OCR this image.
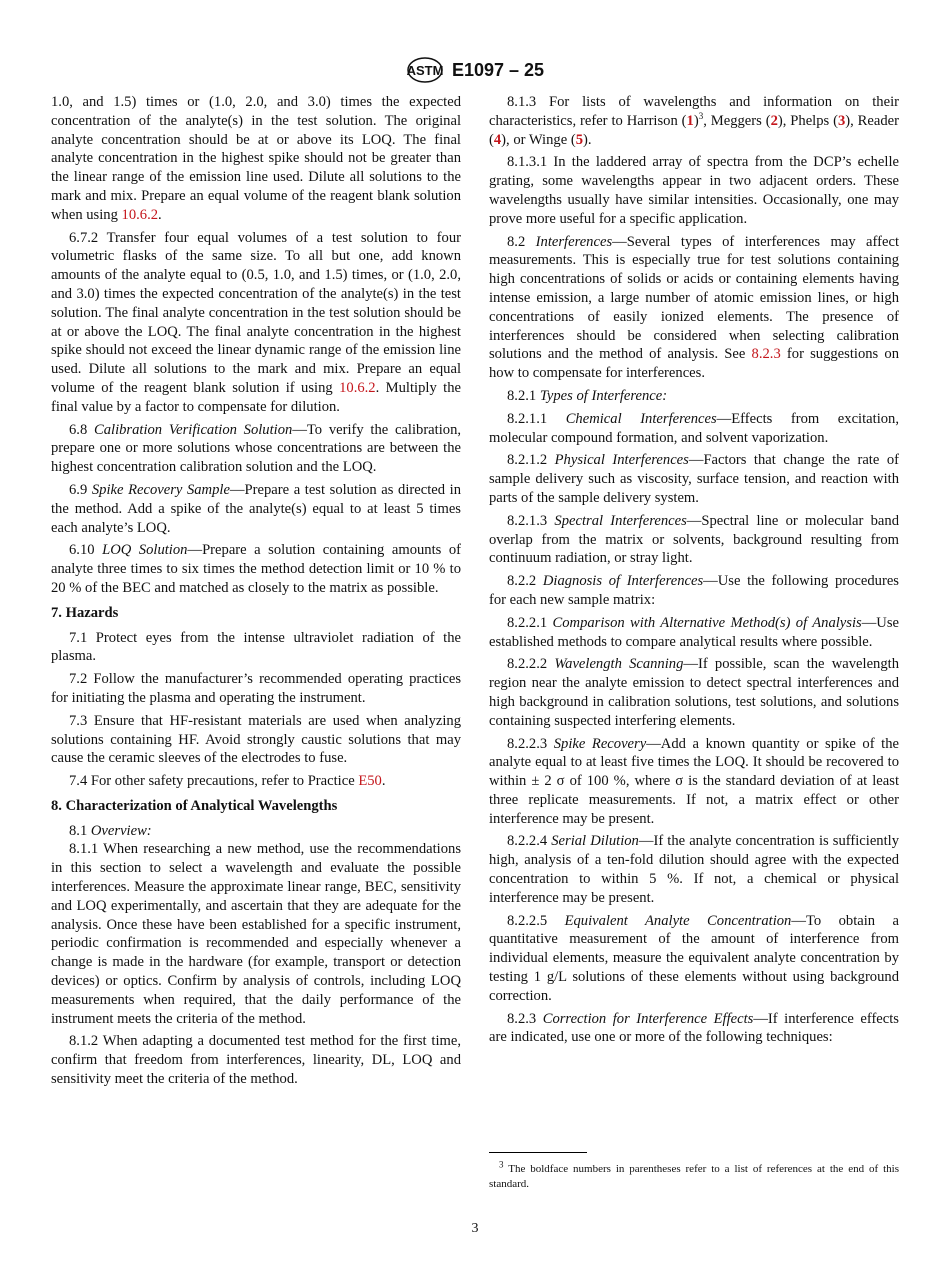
ASTM E1097 – 25

1.0, and 1.5) times or (1.0, 2.0, and 3.0) times the expected concentration of the analyte(s) in the test solution. The original analyte concentration should be at or above its LOQ. The final analyte concentration in the highest spike should not be greater than the linear range of the emission line used. Dilute all solutions to the mark and mix. Prepare an equal volume of the reagent blank solution when using 10.6.2.

6.7.2 Transfer four equal volumes of a test solution to four volumetric flasks of the same size. To all but one, add known amounts of the analyte equal to (0.5, 1.0, and 1.5) times, or (1.0, 2.0, and 3.0) times the expected concentration of the analyte(s) in the test solution. The final analyte concentration in the test solution should be at or above the LOQ. The final analyte concentration in the highest spike should not exceed the linear dynamic range of the emission line used. Dilute all solutions to the mark and mix. Prepare an equal volume of the reagent blank solution if using 10.6.2. Multiply the final value by a factor to compensate for dilution.

6.8 Calibration Verification Solution—To verify the calibration, prepare one or more solutions whose concentrations are between the highest concentration calibration solution and the LOQ.

6.9 Spike Recovery Sample—Prepare a test solution as directed in the method. Add a spike of the analyte(s) equal to at least 5 times each analyte’s LOQ.

6.10 LOQ Solution—Prepare a solution containing amounts of analyte three times to six times the method detection limit or 10 % to 20 % of the BEC and matched as closely to the matrix as possible.

7. Hazards

7.1 Protect eyes from the intense ultraviolet radiation of the plasma.

7.2 Follow the manufacturer’s recommended operating practices for initiating the plasma and operating the instrument.

7.3 Ensure that HF-resistant materials are used when analyzing solutions containing HF. Avoid strongly caustic solutions that may cause the ceramic sleeves of the electrodes to fuse.

7.4 For other safety precautions, refer to Practice E50.

8. Characterization of Analytical Wavelengths

8.1 Overview:

8.1.1 When researching a new method, use the recommendations in this section to select a wavelength and evaluate the possible interferences. Measure the approximate linear range, BEC, sensitivity and LOQ experimentally, and ascertain that they are adequate for the analysis. Once these have been established for a specific instrument, periodic confirmation is recommended and especially whenever a change is made in the hardware (for example, transport or detection devices) or optics. Confirm by analysis of controls, including LOQ measurements when required, that the daily performance of the instrument meets the criteria of the method.

8.1.2 When adapting a documented test method for the first time, confirm that freedom from interferences, linearity, DL, LOQ and sensitivity meet the criteria of the method.

8.1.3 For lists of wavelengths and information on their characteristics, refer to Harrison $(1)^3$, Meggers (2), Phelps (3), Reader (4), or Winge (5).

8.1.3.1 In the laddered array of spectra from the DCP’s echelle grating, some wavelengths appear in two adjacent orders. These wavelengths usually have similar intensities. Occasionally, one may prove more useful for a specific application.

8.2 Interferences—Several types of interferences may affect measurements. This is especially true for test solutions containing high concentrations of solids or acids or containing elements having intense emission, a large number of atomic emission lines, or high concentrations of easily ionized elements. The presence of interferences should be considered when selecting calibration solutions and the method of analysis. See 8.2.3 for suggestions on how to compensate for interferences.

8.2.1 Types of Interference:

8.2.1.1 Chemical Interferences—Effects from excitation, molecular compound formation, and solvent vaporization.

8.2.1.2 Physical Interferences—Factors that change the rate of sample delivery such as viscosity, surface tension, and reaction with parts of the sample delivery system.

8.2.1.3 Spectral Interferences—Spectral line or molecular band overlap from the matrix or solvents, background resulting from continuum radiation, or stray light.

8.2.2 Diagnosis of Interferences—Use the following procedures for each new sample matrix:

8.2.2.1 Comparison with Alternative Method(s) of Analysis—Use established methods to compare analytical results where possible.

8.2.2.2 Wavelength Scanning—If possible, scan the wavelength region near the analyte emission to detect spectral interferences and high background in calibration solutions, test solutions, and solutions containing suspected interfering elements.

8.2.2.3 Spike Recovery—Add a known quantity or spike of the analyte equal to at least five times the LOQ. It should be recovered to within ± 2 σ of 100 %, where σ is the standard deviation of at least three replicate measurements. If not, a matrix effect or other interference may be present.

8.2.2.4 Serial Dilution—If the analyte concentration is sufficiently high, analysis of a ten-fold dilution should agree with the expected concentration to within 5 %. If not, a chemical or physical interference may be present.

8.2.2.5 Equivalent Analyte Concentration—To obtain a quantitative measurement of the amount of interference from individual elements, measure the equivalent analyte concentration by testing 1 g/L solutions of these elements without using background correction.

8.2.3 Correction for Interference Effects—If interference effects are indicated, use one or more of the following techniques:

$^3$ The boldface numbers in parentheses refer to a list of references at the end of this standard.
3
